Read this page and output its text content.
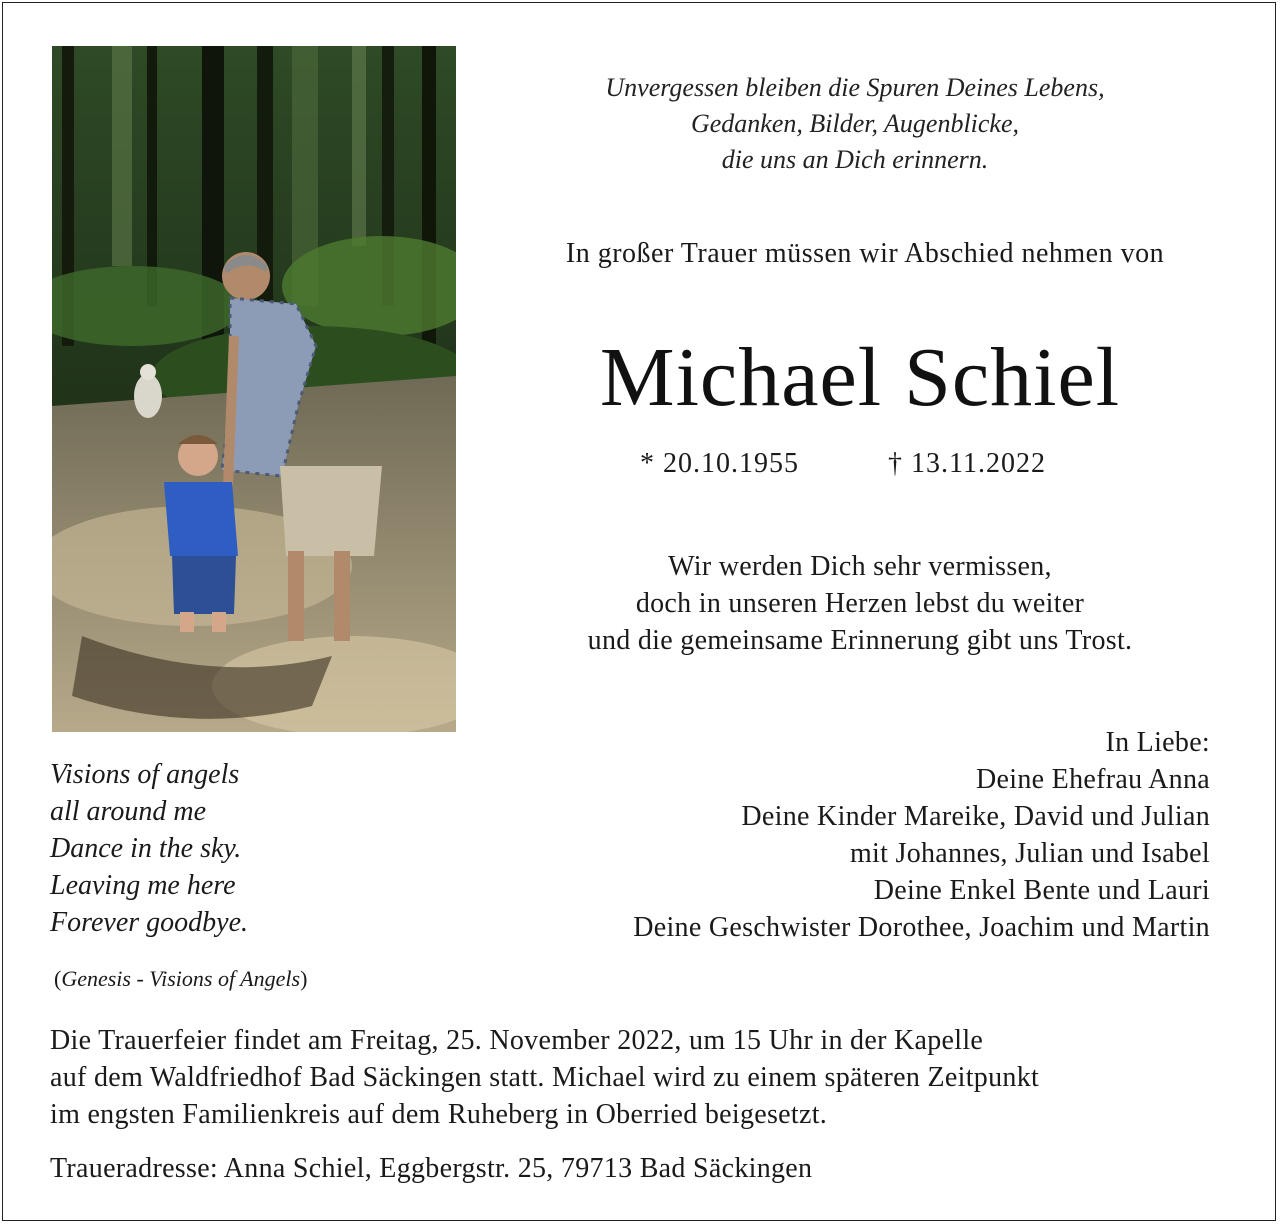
Unvergessen bleiben die Spuren Deines Lebens,
Gedanken, Bilder, Augenblicke,
die uns an Dich erinnern.
In großer Trauer müssen wir Abschied nehmen von
Michael Schiel
* 20.10.1955	† 13.11.2022
Wir werden Dich sehr vermissen,
doch in unseren Herzen lebst du weiter
und die gemeinsame Erinnerung gibt uns Trost.
In Liebe:
Deine Ehefrau Anna
Deine Kinder Mareike, David und Julian
mit Johannes, Julian und Isabel
Deine Enkel Bente und Lauri
Deine Geschwister Dorothee, Joachim und Martin
Visions of angels
all around me
Dance in the sky.
Leaving me here
Forever goodbye.
(Genesis - Visions of Angels)
Die Trauerfeier findet am Freitag, 25. November 2022, um 15 Uhr in der Kapelle
auf dem Waldfriedhof Bad Säckingen statt. Michael wird zu einem späteren Zeitpunkt
im engsten Familienkreis auf dem Ruheberg in Oberried beigesetzt.
Traueradresse: Anna Schiel, Eggbergstr. 25, 79713 Bad Säckingen
